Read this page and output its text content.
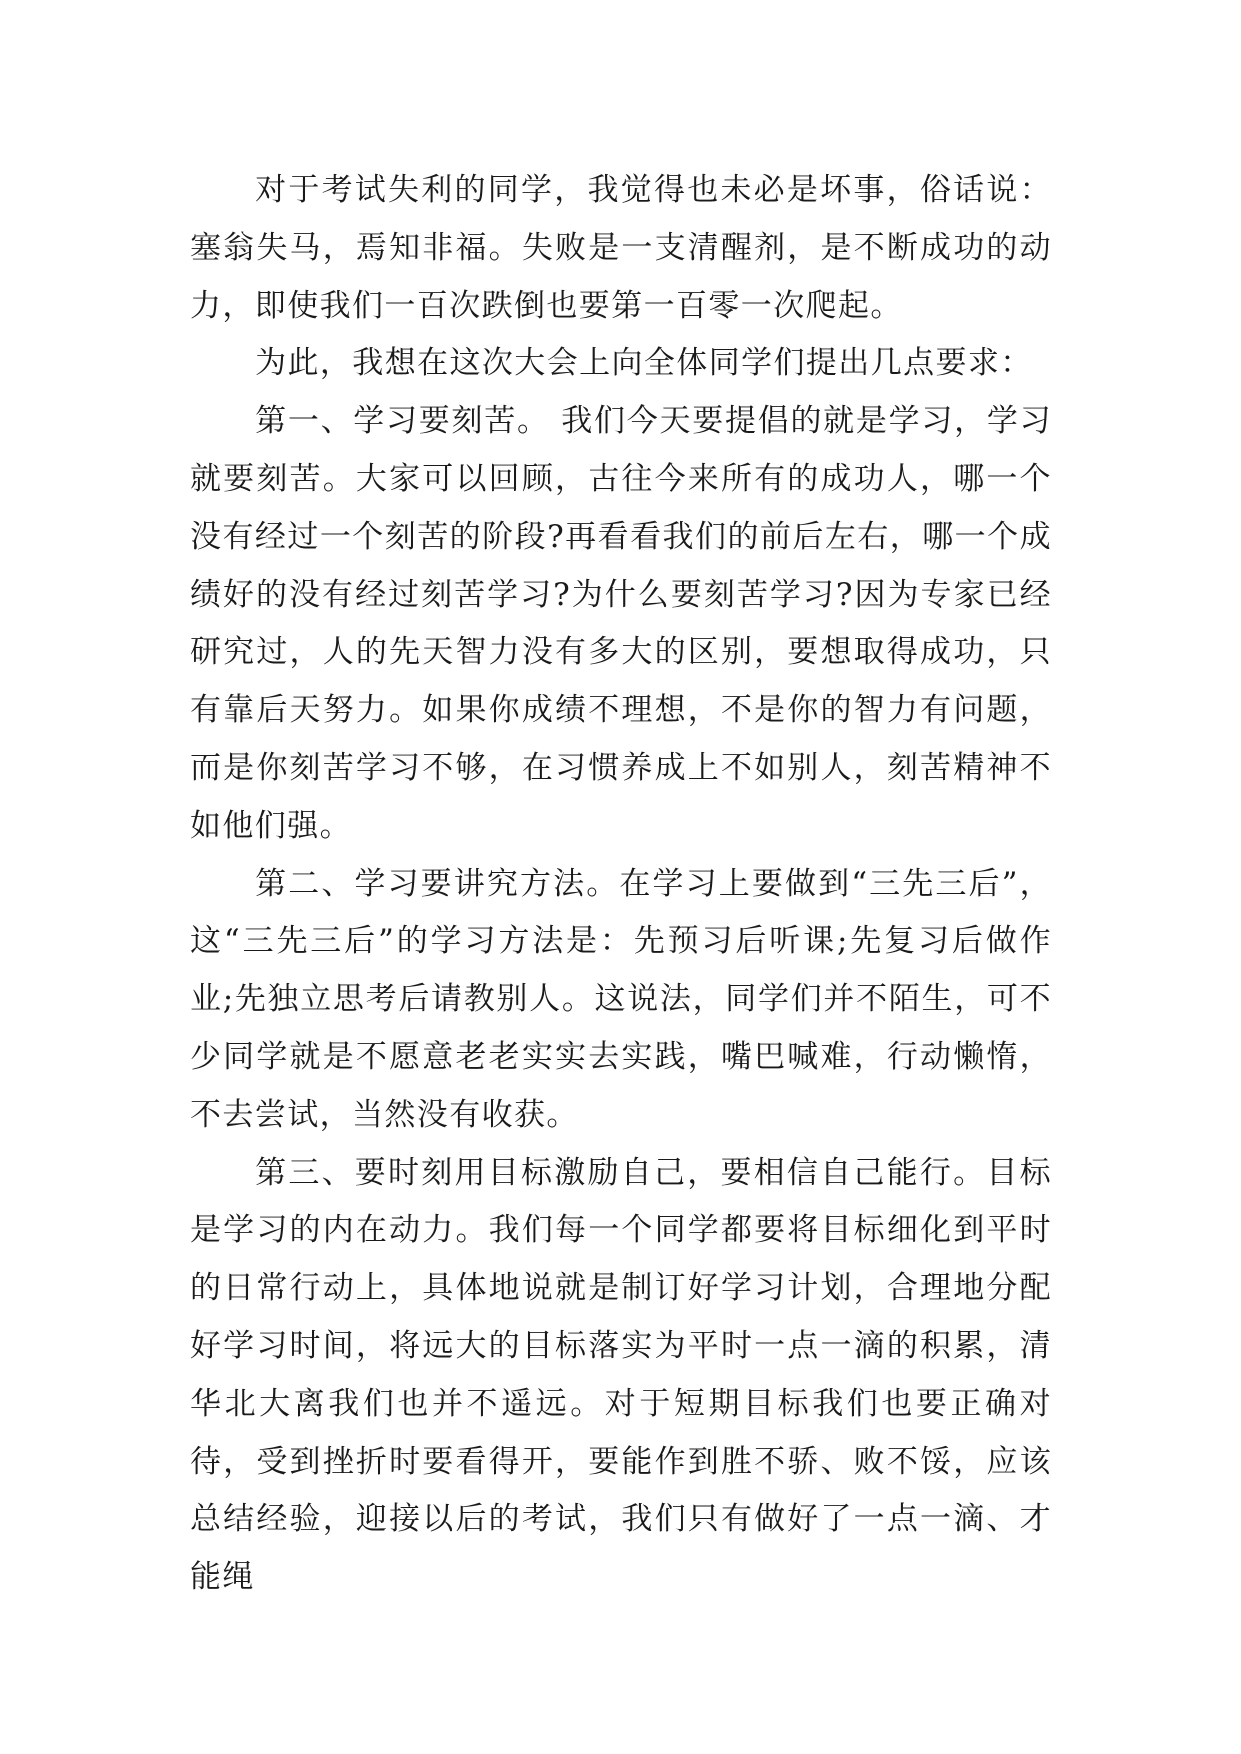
对于考试失利的同学，我觉得也未必是坏事，俗话说：塞翁失马，焉知非福。失败是一支清醒剂，是不断成功的动力，即使我们一百次跌倒也要第一百零一次爬起。

为此，我想在这次大会上向全体同学们提出几点要求：

第一、学习要刻苦。 我们今天要提倡的就是学习，学习就要刻苦。大家可以回顾，古往今来所有的成功人，哪一个没有经过一个刻苦的阶段?再看看我们的前后左右，哪一个成绩好的没有经过刻苦学习?为什么要刻苦学习?因为专家已经研究过，人的先天智力没有多大的区别，要想取得成功，只有靠后天努力。如果你成绩不理想，不是你的智力有问题，而是你刻苦学习不够，在习惯养成上不如别人，刻苦精神不如他们强。

第二、学习要讲究方法。在学习上要做到“三先三后”，这“三先三后”的学习方法是：先预习后听课;先复习后做作业;先独立思考后请教别人。这说法，同学们并不陌生，可不少同学就是不愿意老老实实去实践，嘴巴喊难，行动懒惰，不去尝试，当然没有收获。

第三、要时刻用目标激励自己，要相信自己能行。目标是学习的内在动力。我们每一个同学都要将目标细化到平时的日常行动上，具体地说就是制订好学习计划，合理地分配好学习时间，将远大的目标落实为平时一点一滴的积累，清华北大离我们也并不遥远。对于短期目标我们也要正确对待，受到挫折时要看得开，要能作到胜不骄、败不馁，应该总结经验，迎接以后的考试，我们只有做好了一点一滴、才能绳
